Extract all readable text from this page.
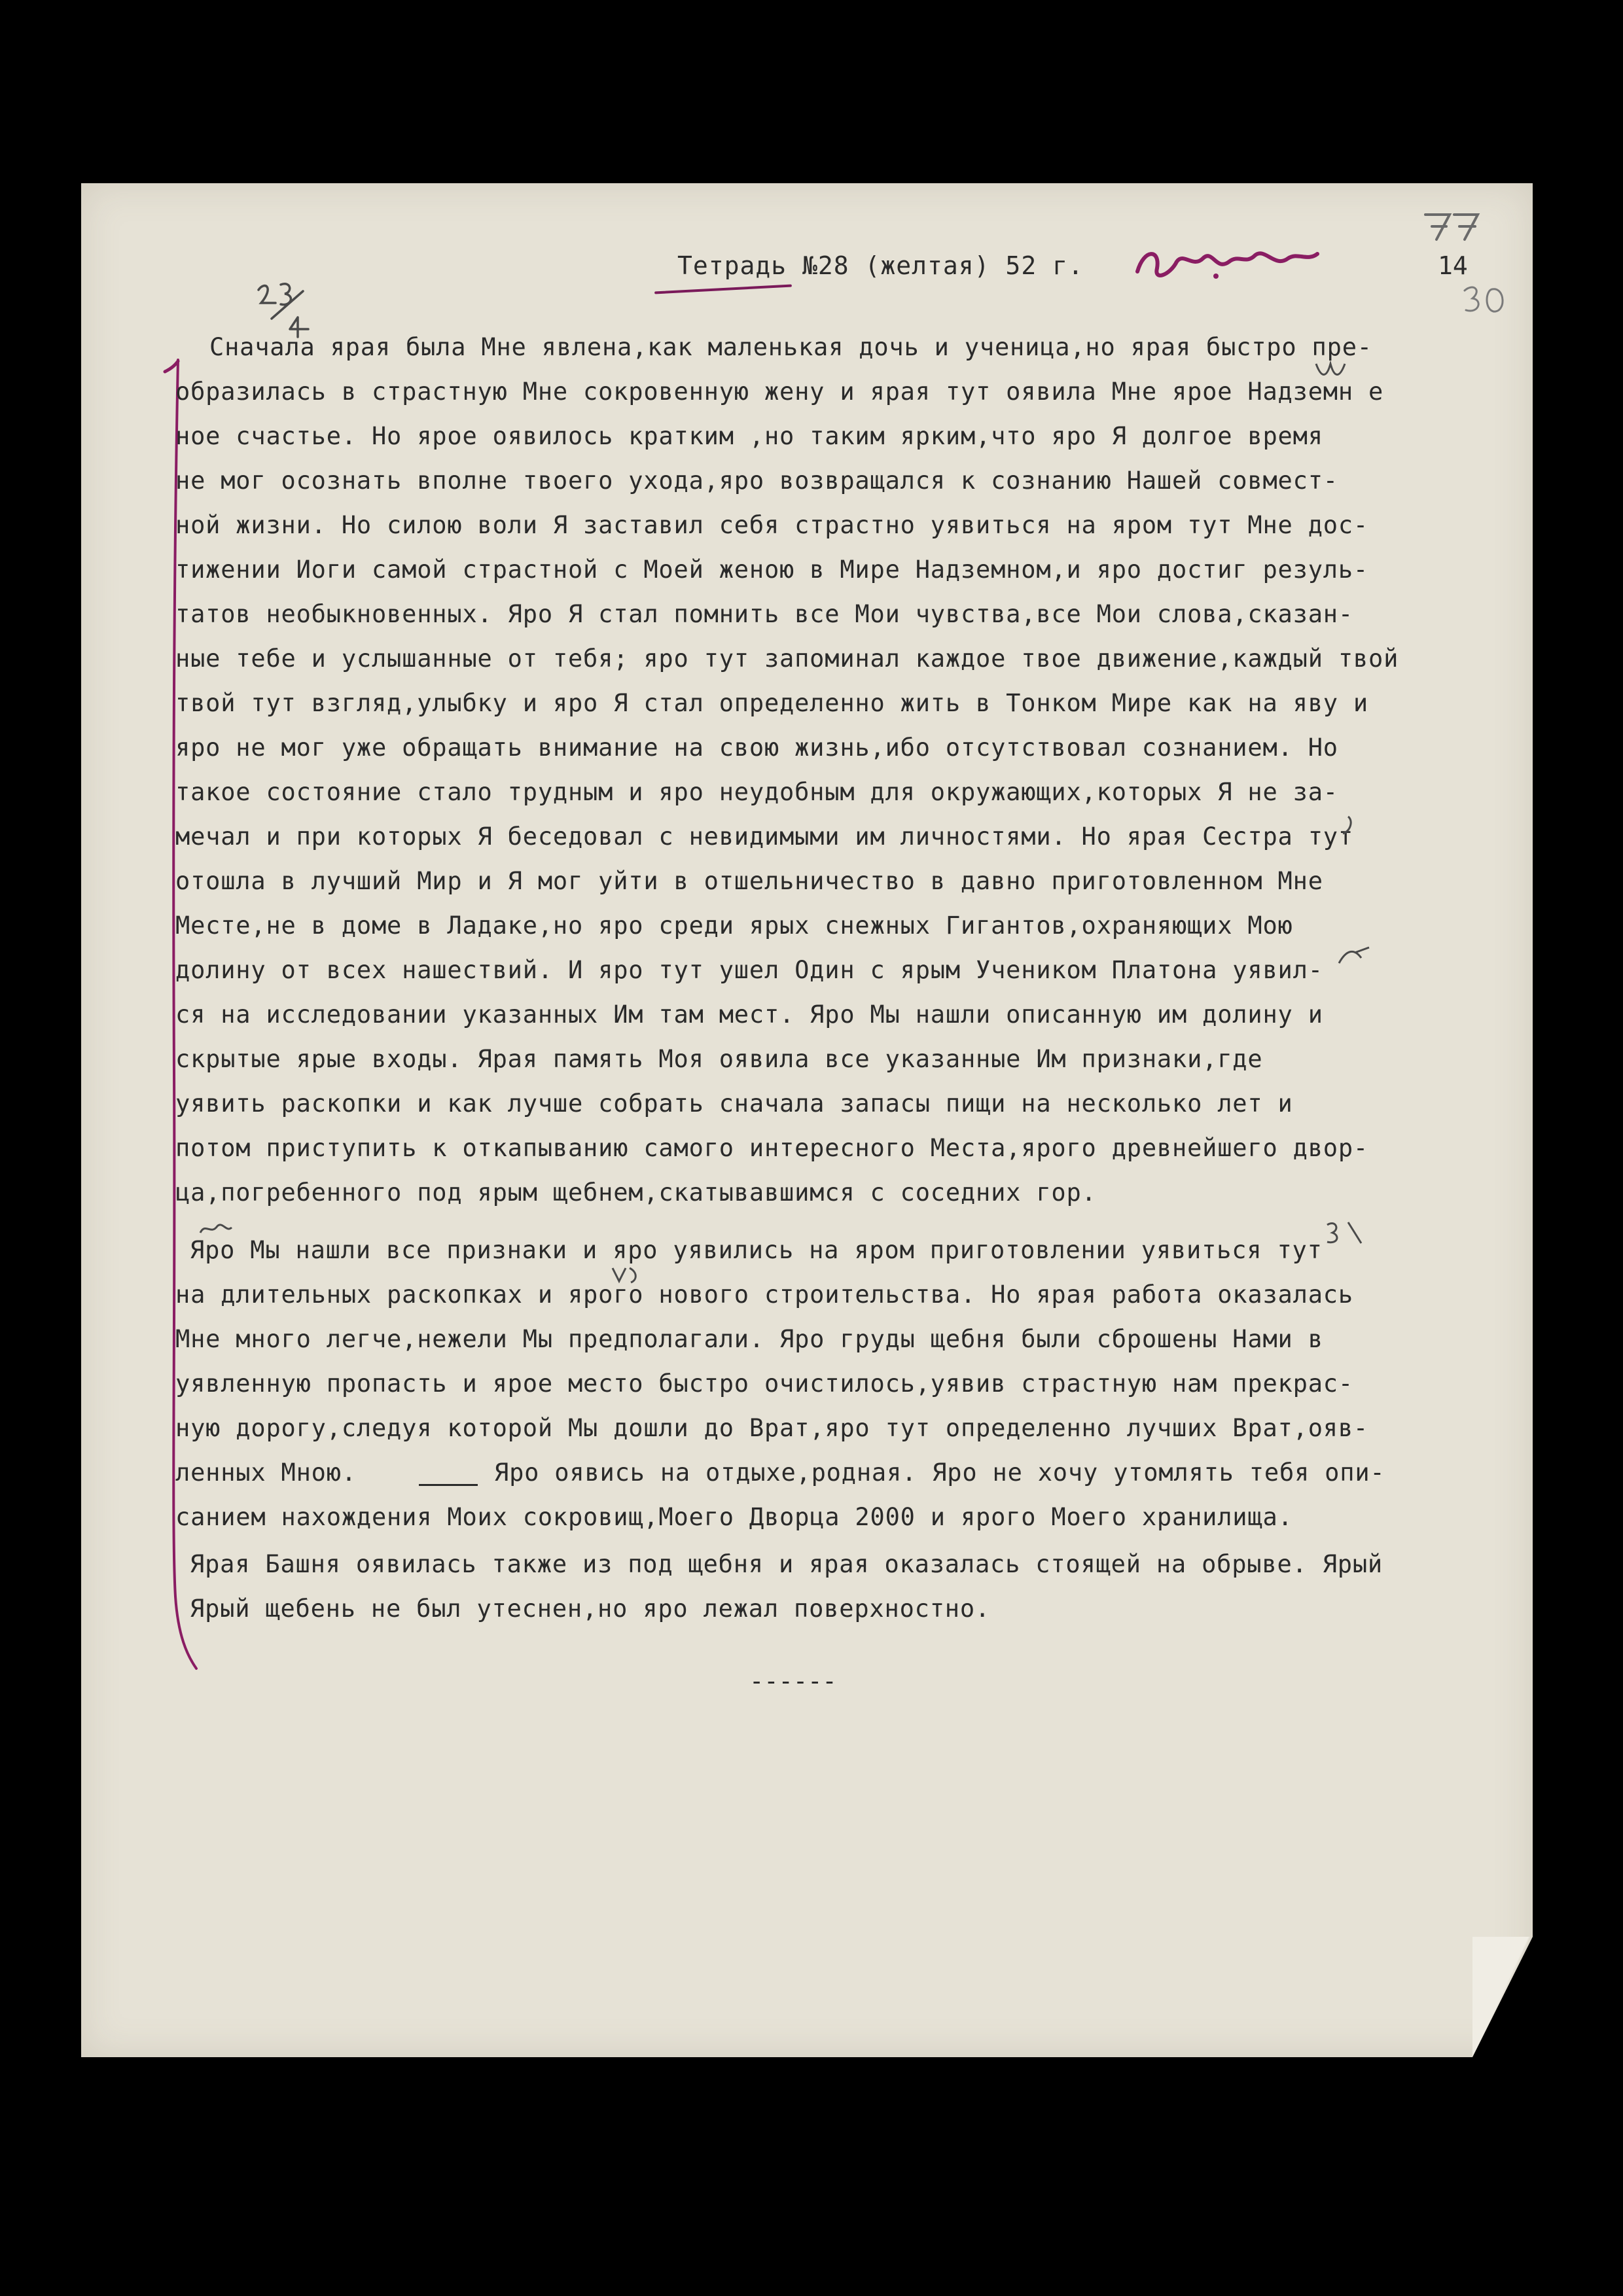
Тетрадь №28 (желтая) 52 г.	14
Сначала ярая была Мне явлена,как маленькая дочь и ученица,но ярая быстро пре-
образилась в страстную Мне сокровенную жену и ярая тут оявила Мне ярое Надземн е
ное счастье. Но ярое оявилось кратким ,но таким ярким,что яро Я долгое время
не мог осознать вполне твоего ухода,яро возвращался к сознанию Нашей совмест-
ной жизни. Но силою воли Я заставил себя страстно уявиться на яром тут Мне дос-
тижении Иоги самой страстной с Моей женою в Мире Надземном,и яро достиг резуль-
татов необыкновенных. Яро Я стал помнить все Мои чувства,все Мои слова,сказан-
ные тебе и услышанные от тебя; яро тут запоминал каждое твое движение,каждый твой
твой тут взгляд,улыбку и яро Я стал определенно жить в Тонком Мире как на яву и
яро не мог уже обращать внимание на свою жизнь,ибо отсутствовал сознанием. Но
такое состояние стало трудным и яро неудобным для окружающих,которых Я не за-
мечал и при которых Я беседовал с невидимыми им личностями. Но ярая Сестра тут
отошла в лучший Мир и Я мог уйти в отшельничество в давно приготовленном Мне
Месте,не в доме в Ладаке,но яро среди ярых снежных Гигантов,охраняющих Мою
долину от всех нашествий. И яро тут ушел Один с ярым Учеником Платона уявил-
ся на исследовании указанных Им там мест. Яро Мы нашли описанную им долину и
скрытые ярые входы. Ярая память Моя оявила все указанные Им признаки,где
уявить раскопки и как лучше собрать сначала запасы пищи на несколько лет и
потом приступить к откапыванию самого интересного Места,ярого древнейшего двор-
ца,погребенного под ярым щебнем,скатывавшимся с соседних гор.
Яро Мы нашли все признаки и яро уявились на яром приготовлении уявиться тут
на длительных раскопках и ярого нового строительства. Но ярая работа оказалась
Мне много легче,нежели Мы предполагали. Яро груды щебня были сброшены Нами в
уявленную пропасть и ярое место быстро очистилось,уявив страстную нам прекрас-
ную дорогу,следуя которой Мы дошли до Врат,яро тут определенно лучших Врат,ояв-
ленных Мною.	Яро оявись на отдыхе,родная. Яро не хочу утомлять тебя опи-
санием нахождения Моих сокровищ,Моего Дворца 2000 и ярого Моего хранилища.
Ярая Башня оявилась также из под щебня и ярая оказалась стоящей на обрыве. Ярый
Ярый щебень не был утеснен,но яро лежал поверхностно.
------
